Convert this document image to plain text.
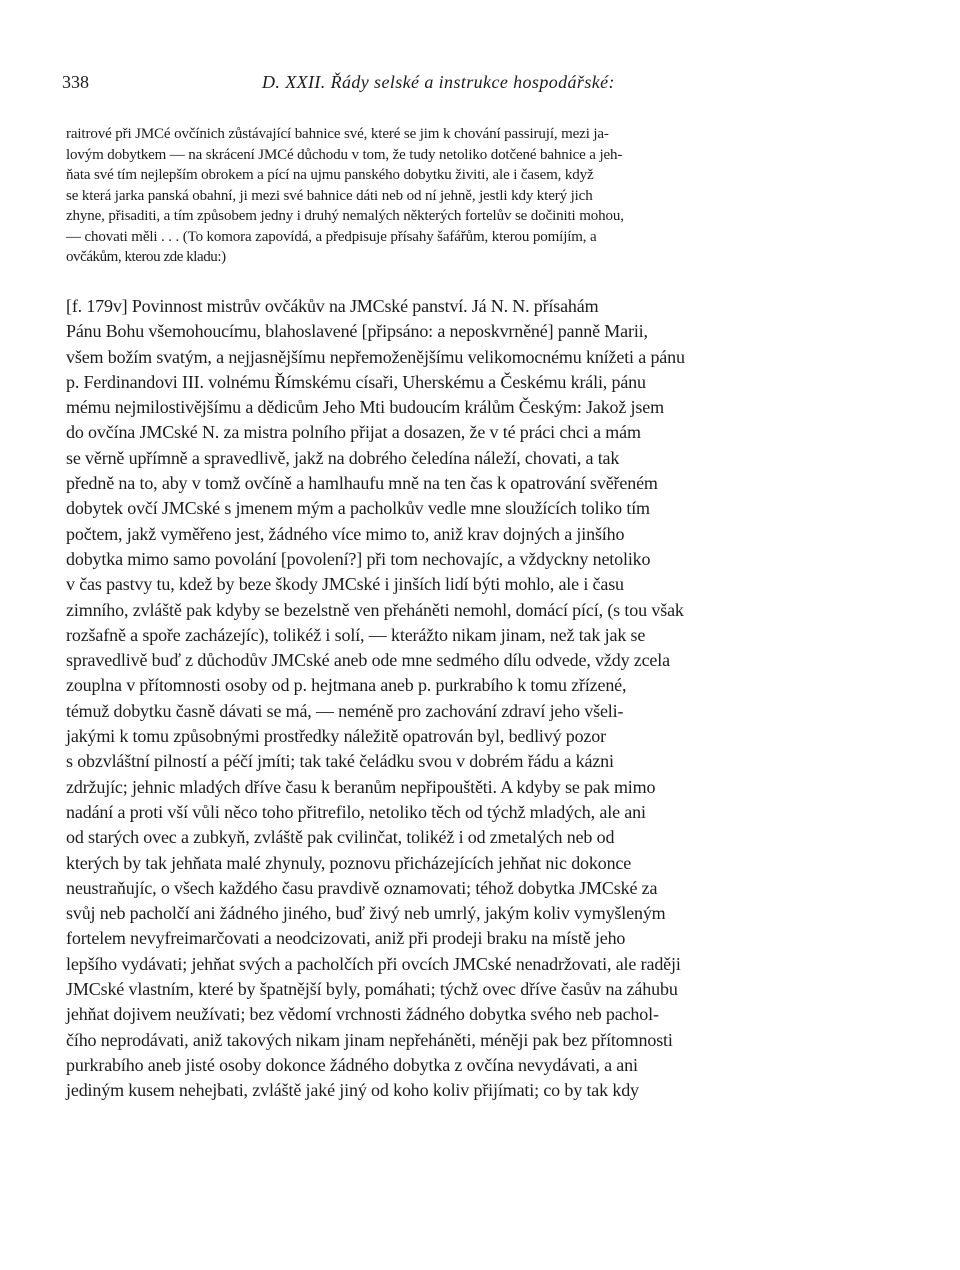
338	D. XXII. Řády selské a instrukce hospodářské:

raitrové při JMCé ovčínich zůstávající bahnice své, které se jim k chování passirují, mezi ja-

lovým dobytkem — na skrácení JMCé důchodu v tom, že tudy netoliko dotčené bahnice a jeh-

ňata své tím nejlepším obrokem a pící na ujmu panského dobytku živiti, ale i časem, když

se která jarka panská obahní, ji mezi své bahnice dáti neb od ní jehně, jestli kdy který jich

zhyne, přisaditi, a tím způsobem jedny i druhý nemalých některých fortelův se dočiniti mohou,

— chovati měli . . . (To komora zapovídá, a předpisuje přísahy šafářům, kterou pomíjím, a

ovčákům, kterou zde kladu:)

[f. 179v] Povinnost mistrův ovčákův na JMCské panství. Já N. N. přísahám

Pánu Bohu všemohoucímu, blahoslavené [připsáno: a neposkvrněné] panně Marii,

všem božím svatým, a nejjasnějšímu nepřemoženějšímu velikomocnému knížeti a pánu

p. Ferdinandovi III. volnému Římskému císaři, Uherskému a Českému králi, pánu

mému nejmilostivějšímu a dědicům Jeho Mti budoucím králům Českým: Jakož jsem

do ovčína JMCské N. za mistra polního přijat a dosazen, že v té práci chci a mám

se věrně upřímně a spravedlivě, jakž na dobrého čeledína náleží, chovati, a tak

předně na to, aby v tomž ovčíně a hamlhaufu mně na ten čas k opatrování svěřeném

dobytek ovčí JMCské s jmenem mým a pacholkův vedle mne sloužících toliko tím

počtem, jakž vyměřeno jest, žádného více mimo to, aniž krav dojných a jinšího

dobytka mimo samo povolání [povolení?] při tom nechovajíc, a vždyckny netoliko

v čas pastvy tu, kdež by beze škody JMCské i jinších lidí býti mohlo, ale i času

zimního, zvláště pak kdyby se bezelstně ven přeháněti nemohl, domácí pící, (s tou však

rozšafně a spoře zacházejíc), tolikéž i solí, — kterážto nikam jinam, než tak jak se

spravedlivě buď z důchodův JMCské aneb ode mne sedmého dílu odvede, vždy zcela

zouplna v přítomnosti osoby od p. hejtmana aneb p. purkrabího k tomu zřízené,

témuž dobytku časně dávati se má, — neméně pro zachování zdraví jeho všeli-

jakými k tomu způsobnými prostředky náležitě opatrován byl, bedlivý pozor

s obzvláštní pilností a péčí jmíti; tak také čeládku svou v dobrém řádu a kázni

zdržujíc; jehnic mladých dříve času k beranům nepřipouštěti. A kdyby se pak mimo

nadání a proti vší vůli něco toho přitrefilo, netoliko těch od týchž mladých, ale ani

od starých ovec a zubkyň, zvláště pak cvilinčat, tolikéž i od zmetalých neb od

kterých by tak jehňata malé zhynuly, poznovu přicházejících jehňat nic dokonce

neustraňujíc, o všech každého času pravdivě oznamovati; téhož dobytka JMCské za

svůj neb pacholčí ani žádného jiného, buď živý neb umrlý, jakým koliv vymyšleným

fortelem nevyfreimarčovati a neodcizovati, aniž při prodeji braku na místě jeho

lepšího vydávati; jehňat svých a pacholčích při ovcích JMCské nenadržovati, ale raději

JMCské vlastním, které by špatnější byly, pomáhati; týchž ovec dříve časův na záhubu

jehňat dojivem neužívati; bez vědomí vrchnosti žádného dobytka svého neb pachol-

čího neprodávati, aniž takových nikam jinam nepřeháněti, méněji pak bez přítomnosti

purkrabího aneb jisté osoby dokonce žádného dobytka z ovčína nevydávati, a ani

jediným kusem nehejbati, zvláště jaké jiný od koho koliv přijímati; co by tak kdy
